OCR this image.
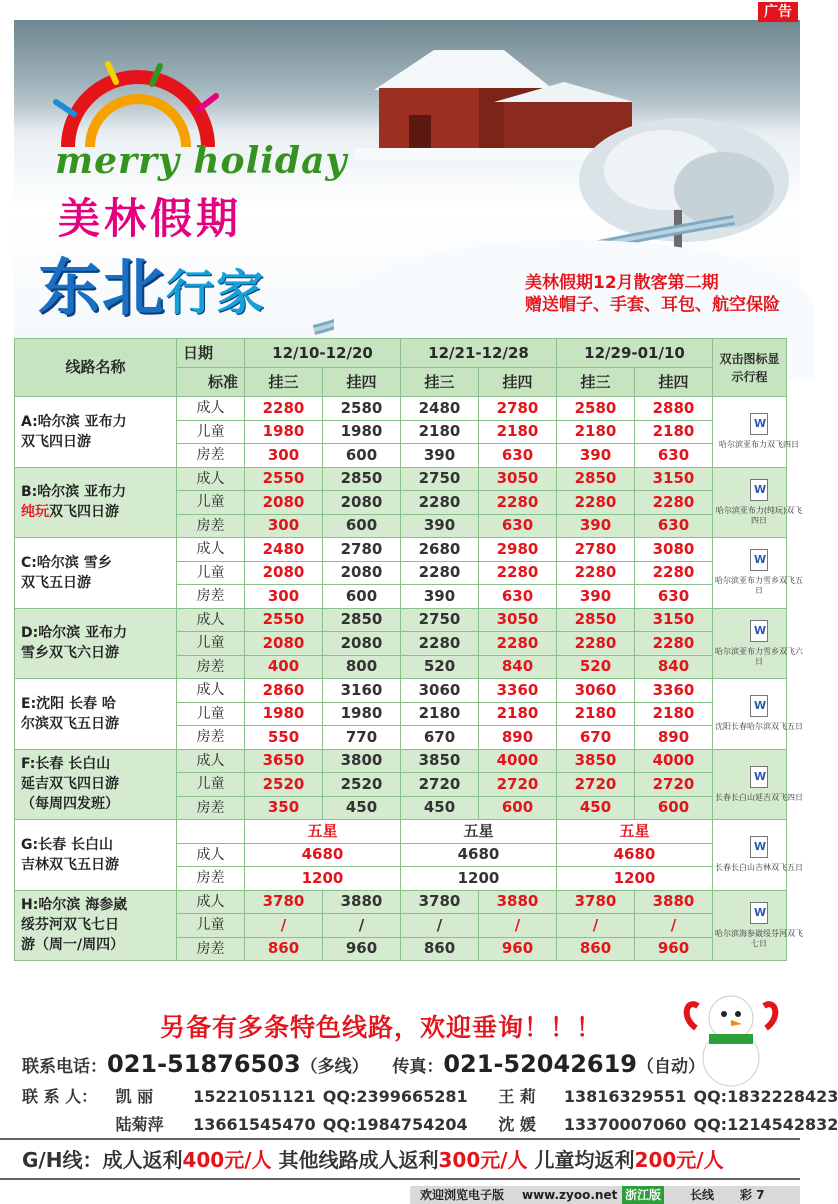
广告
merry holiday
美林假期
东北行家	美林假期12月散客第二期
赠送帽子、手套、耳包、航空保险
线路名称	日期	12/10-12/20		12/21-12/28		12/29-01/10		双击图标显示行程
	标准	挂三	挂四	挂三	挂四	挂三	挂四	
A:哈尔滨 亚布力
双飞四日游	成人	2280	2580	2480	2780	2580	2880	
W
哈尔滨亚布力双飞四日

	儿童	1980	1980	2180	2180	2180	2180	
	房差	300	600	390	630	390	630	
B:哈尔滨 亚布力
纯玩双飞四日游	成人	2550	2850	2750	3050	2850	3150	
W
哈尔滨亚布力(纯玩)双飞四日

	儿童	2080	2080	2280	2280	2280	2280	
	房差	300	600	390	630	390	630	
C:哈尔滨 雪乡
双飞五日游	成人	2480	2780	2680	2980	2780	3080	
W
哈尔滨亚布力雪乡双飞五日

	儿童	2080	2080	2280	2280	2280	2280	
	房差	300	600	390	630	390	630	
D:哈尔滨 亚布力
雪乡双飞六日游	成人	2550	2850	2750	3050	2850	3150	
W
哈尔滨亚布力雪乡双飞六日

	儿童	2080	2080	2280	2280	2280	2280	
	房差	400	800	520	840	520	840	
E:沈阳 长春 哈
尔滨双飞五日游	成人	2860	3160	3060	3360	3060	3360	
W
沈阳长春哈尔滨双飞五日

	儿童	1980	1980	2180	2180	2180	2180	
	房差	550	770	670	890	670	890	
F:长春 长白山
延吉双飞四日游
（每周四发班）	成人	3650	3800	3850	4000	3850	4000	
W
长春长白山延吉双飞四日

	儿童	2520	2520	2720	2720	2720	2720	
	房差	350	450	450	600	450	600	
G:长春 长白山
吉林双飞五日游		五星		五星		五星	
W
长春长白山吉林双飞五日

	成人	4680		4680		4680		
	房差	1200		1200		1200		
H:哈尔滨 海参崴
绥芬河双飞七日
游（周一/周四）	成人	3780	3880	3780	3880	3780	3880	
W
哈尔滨海参崴绥芬河双飞七日

	儿童	/	/	/	/	/	/	
	房差	860	960	860	960	860	960	
另备有多条特色线路，欢迎垂询！！！
联系电话：021-51876503（多线） 传真：021-52042619（自动）
联 系 人： 凯 丽	15221051121 QQ:2399665281 王 莉 13816329551 QQ:1832228423
陆菊萍 13661545470 QQ:1984754204 沈 媛 13370007060 QQ:1214542832
G/H线：成人返利400元/人 其他线路成人返利300元/人 儿童均返利200元/人
欢迎浏览电子版 www.zyoo.net 浙江版 长线 彩 7
